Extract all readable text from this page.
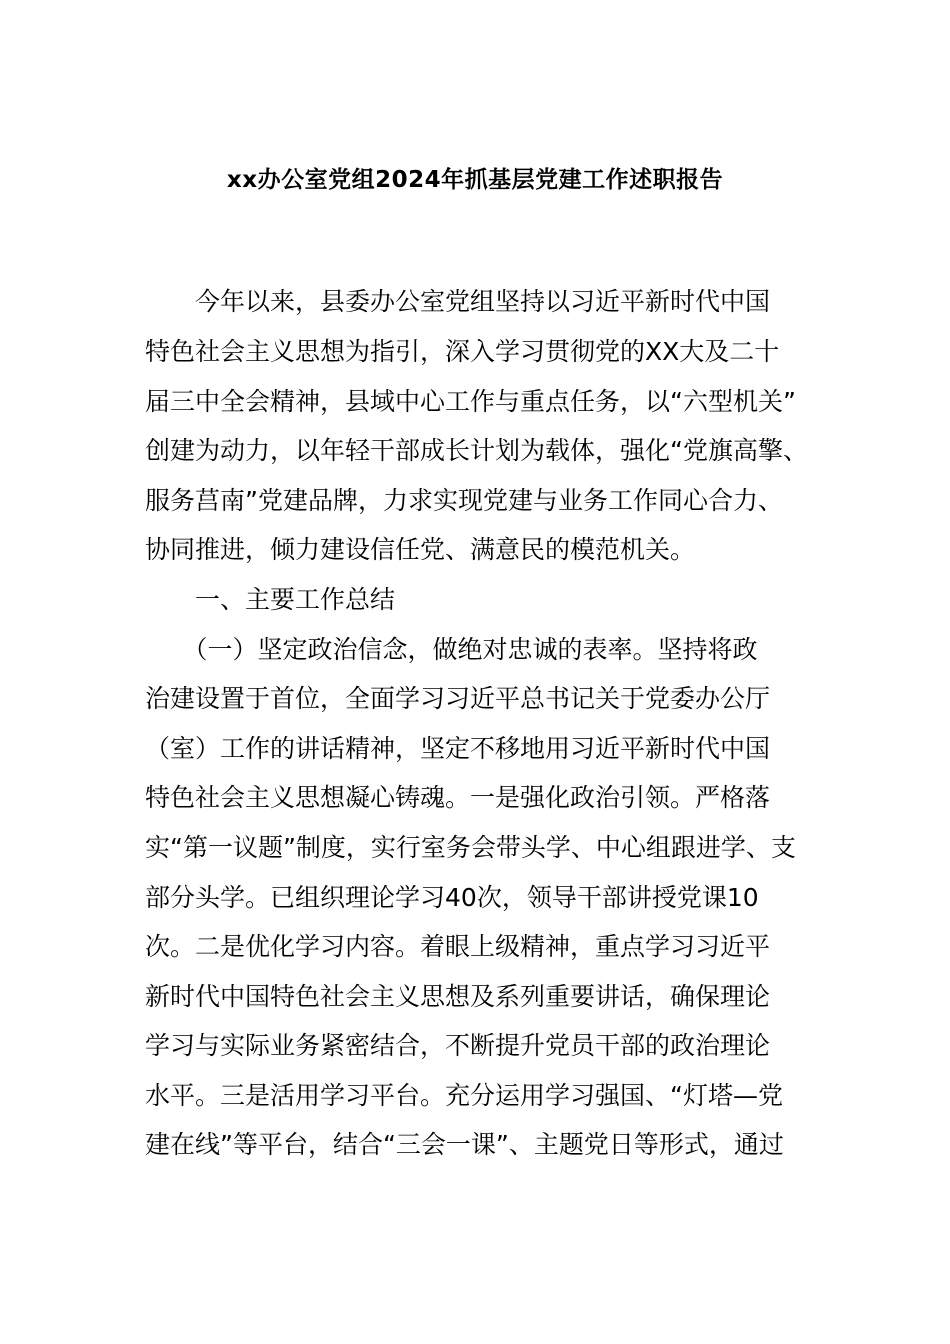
xx办公室党组2024年抓基层党建工作述职报告
　　今年以来，县委办公室党组坚持以习近平新时代中国
特色社会主义思想为指引，深入学习贯彻党的XX大及二十
届三中全会精神，县域中心工作与重点任务，以“六型机关”
创建为动力，以年轻干部成长计划为载体，强化“党旗高擎、
服务莒南”党建品牌，力求实现党建与业务工作同心合力、
协同推进，倾力建设信任党、满意民的模范机关。
　　一、主要工作总结
　　（一）坚定政治信念，做绝对忠诚的表率。坚持将政
治建设置于首位，全面学习习近平总书记关于党委办公厅
（室）工作的讲话精神，坚定不移地用习近平新时代中国
特色社会主义思想凝心铸魂。一是强化政治引领。严格落
实“第一议题”制度，实行室务会带头学、中心组跟进学、支
部分头学。已组织理论学习40次，领导干部讲授党课10
次。二是优化学习内容。着眼上级精神，重点学习习近平
新时代中国特色社会主义思想及系列重要讲话，确保理论
学习与实际业务紧密结合，不断提升党员干部的政治理论
水平。三是活用学习平台。充分运用学习强国、“灯塔—党
建在线”等平台，结合“三会一课”、主题党日等形式，通过
